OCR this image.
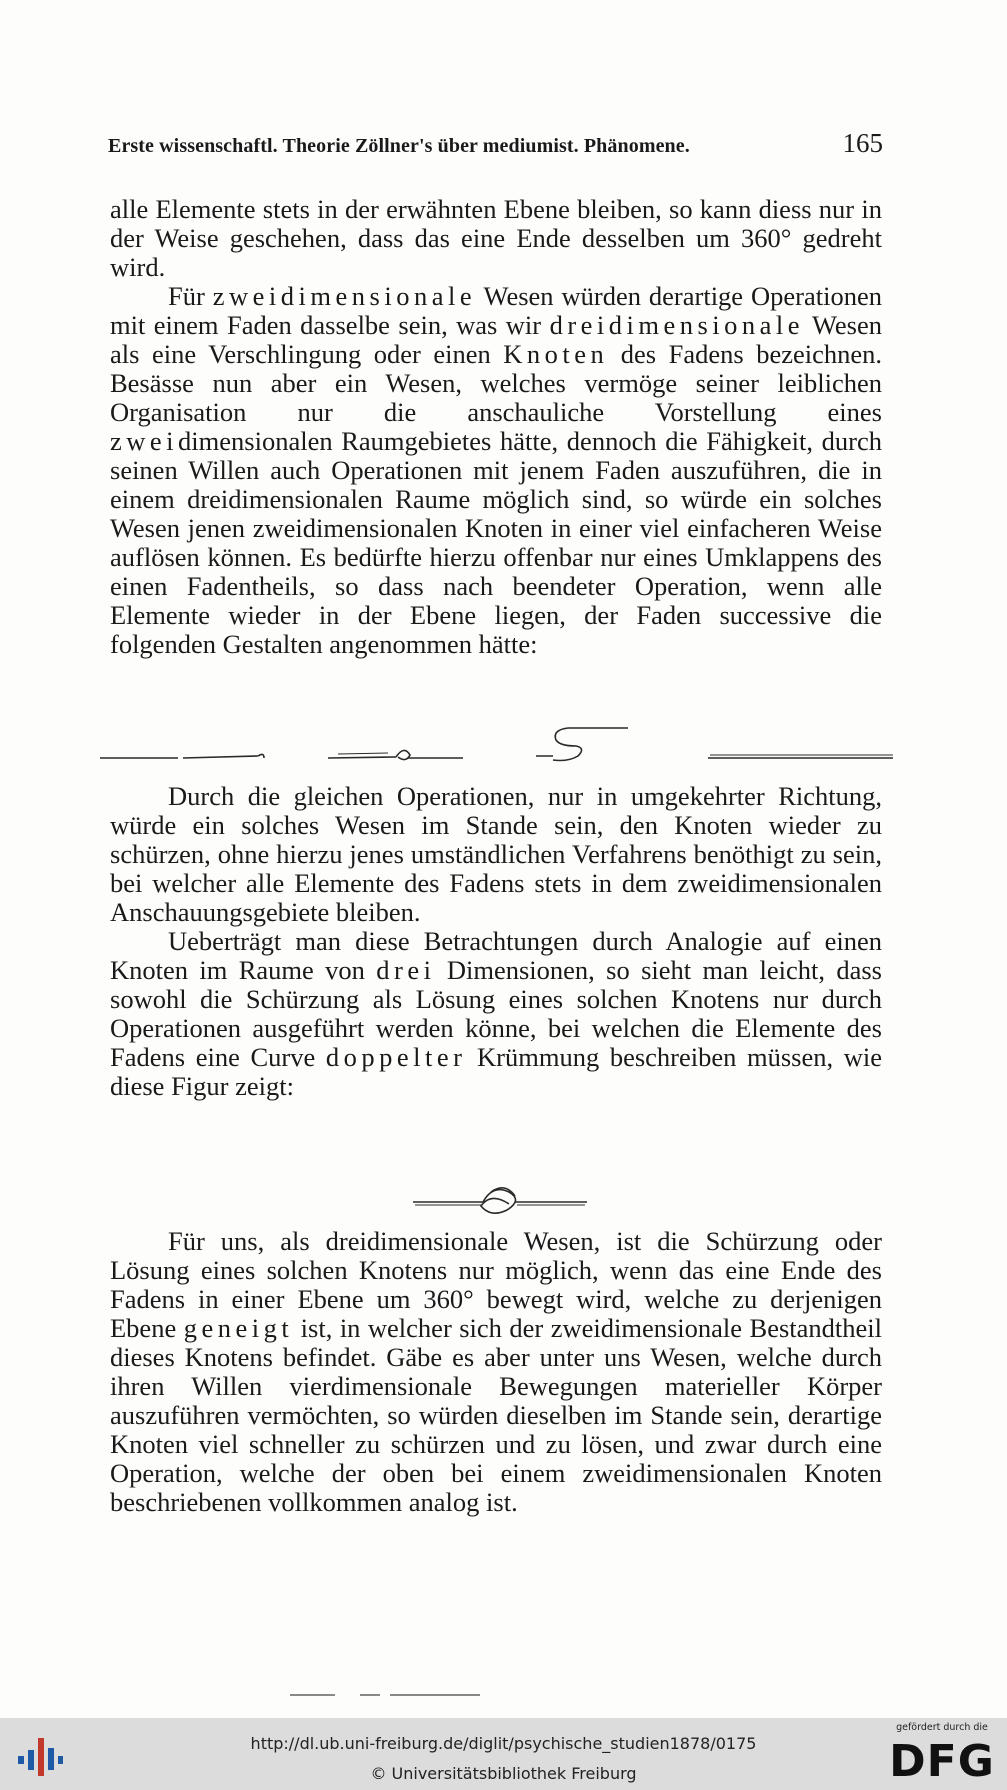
Erste wissenschaftl. Theorie Zöllner's über mediumist. Phänomene.	165

alle Elemente stets in der erwähnten Ebene bleiben, so kann diess nur in der Weise geschehen, dass das eine Ende desselben um 360° gedreht wird.

Für zweidimensionale Wesen würden derartige Operationen mit einem Faden dasselbe sein, was wir dreidimensionale Wesen als eine Verschlingung oder einen Knoten des Fadens bezeichnen. Besässe nun aber ein Wesen, welches vermöge seiner leiblichen Organisation nur die anschauliche Vorstellung eines zweidimensionalen Raumgebietes hätte, dennoch die Fähigkeit, durch seinen Willen auch Operationen mit jenem Faden auszuführen, die in einem dreidimensionalen Raume möglich sind, so würde ein solches Wesen jenen zweidimensionalen Knoten in einer viel einfacheren Weise auflösen können. Es bedürfte hierzu offenbar nur eines Umklappens des einen Fadentheils, so dass nach beendeter Operation, wenn alle Elemente wieder in der Ebene liegen, der Faden successive die folgenden Gestalten angenommen hätte:

Durch die gleichen Operationen, nur in umgekehrter Richtung, würde ein solches Wesen im Stande sein, den Knoten wieder zu schürzen, ohne hierzu jenes umständlichen Verfahrens benöthigt zu sein, bei welcher alle Elemente des Fadens stets in dem zweidimensionalen Anschauungsgebiete bleiben.

Ueberträgt man diese Betrachtungen durch Analogie auf einen Knoten im Raume von drei Dimensionen, so sieht man leicht, dass sowohl die Schürzung als Lösung eines solchen Knotens nur durch Operationen ausgeführt werden könne, bei welchen die Elemente des Fadens eine Curve doppelter Krümmung beschreiben müssen, wie diese Figur zeigt:

Für uns, als dreidimensionale Wesen, ist die Schürzung oder Lösung eines solchen Knotens nur möglich, wenn das eine Ende des Fadens in einer Ebene um 360° bewegt wird, welche zu derjenigen Ebene geneigt ist, in welcher sich der zweidimensionale Bestandtheil dieses Knotens befindet. Gäbe es aber unter uns Wesen, welche durch ihren Willen vierdimensionale Bewegungen materieller Körper auszuführen vermöchten, so würden dieselben im Stande sein, derartige Knoten viel schneller zu schürzen und zu lösen, und zwar durch eine Operation, welche der oben bei einem zweidimensionalen Knoten beschriebenen vollkommen analog ist.

http://dl.ub.uni-freiburg.de/diglit/psychische_studien1878/0175
© Universitätsbibliothek Freiburg
gefördert durch die
DFG
